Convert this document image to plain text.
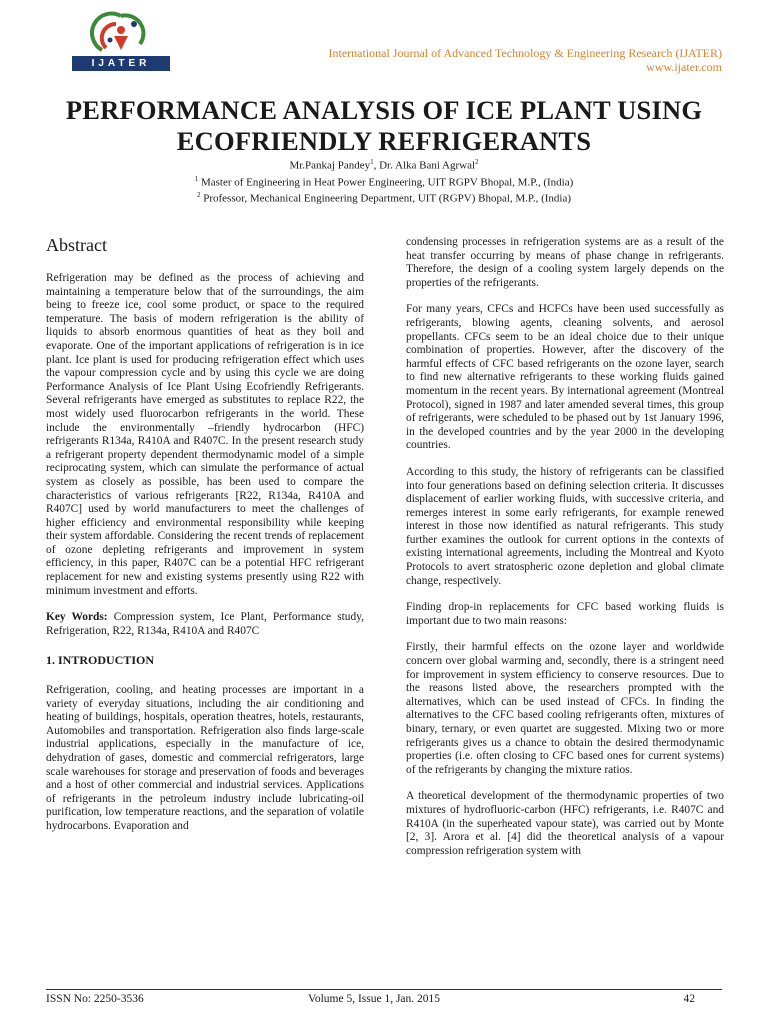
IJATER
International Journal of Advanced Technology & Engineering Research (IJATER)
www.ijater.com
PERFORMANCE ANALYSIS OF ICE PLANT USING
ECOFRIENDLY REFRIGERANTS
Mr.Pankaj Pandey$^1$, Dr. Alka Bani Agrwal$^2$
$^1$ Master of Engineering in Heat Power Engineering, UIT RGPV Bhopal, M.P., (India)
$^2$ Professor, Mechanical Engineering Department, UIT (RGPV) Bhopal, M.P., (India)
Abstract

Refrigeration may be defined as the process of achieving and maintaining a temperature below that of the surroundings, the aim being to freeze ice, cool some product, or space to the required temperature. The basis of modern refrigeration is the ability of liquids to absorb enormous quantities of heat as they boil and evaporate. One of the important applications of refrigeration is in ice plant. Ice plant is used for producing refrigeration effect which uses the vapour compression cycle and by using this cycle we are doing Performance Analysis of Ice Plant Using Ecofriendly Refrigerants. Several refrigerants have emerged as substitutes to replace R22, the most widely used fluorocarbon refrigerants in the world. These include the environmentally –friendly hydrocarbon (HFC) refrigerants R134a, R410A and R407C. In the present research study a refrigerant property dependent thermodynamic model of a simple reciprocating system, which can simulate the performance of actual system as closely as possible, has been used to compare the characteristics of various refrigerants [R22, R134a, R410A and R407C] used by world manufacturers to meet the challenges of higher efficiency and environmental responsibility while keeping their system affordable. Considering the recent trends of replacement of ozone depleting refrigerants and improvement in system efficiency, in this paper, R407C can be a potential HFC refrigerant replacement for new and existing systems presently using R22 with minimum investment and efforts.

Key Words: Compression system, Ice Plant, Performance study, Refrigeration, R22, R134a, R410A and R407C

1. INTRODUCTION

Refrigeration, cooling, and heating processes are important in a variety of everyday situations, including the air conditioning and heating of buildings, hospitals, operation theatres, hotels, restaurants, Automobiles and transportation. Refrigeration also finds large-scale industrial applications, especially in the manufacture of ice, dehydration of gases, domestic and commercial refrigerators, large scale warehouses for storage and preservation of foods and beverages and a host of other commercial and industrial services. Applications of refrigerants in the petroleum industry include lubricating-oil purification, low temperature reactions, and the separation of volatile hydrocarbons. Evaporation and

condensing processes in refrigeration systems are as a result of the heat transfer occurring by means of phase change in refrigerants. Therefore, the design of a cooling system largely depends on the properties of the refrigerants.

For many years, CFCs and HCFCs have been used successfully as refrigerants, blowing agents, cleaning solvents, and aerosol propellants. CFCs seem to be an ideal choice due to their unique combination of properties. However, after the discovery of the harmful effects of CFC based refrigerants on the ozone layer, search to find new alternative refrigerants to these working fluids gained momentum in the recent years. By international agreement (Montreal Protocol), signed in 1987 and later amended several times, this group of refrigerants, were scheduled to be phased out by 1st January 1996, in the developed countries and by the year 2000 in the developing countries.

According to this study, the history of refrigerants can be classified into four generations based on defining selection criteria. It discusses displacement of earlier working fluids, with successive criteria, and remerges interest in some early refrigerants, for example renewed interest in those now identified as natural refrigerants. This study further examines the outlook for current options in the contexts of existing international agreements, including the Montreal and Kyoto Protocols to avert stratospheric ozone depletion and global climate change, respectively.

Finding drop-in replacements for CFC based working fluids is important due to two main reasons:

Firstly, their harmful effects on the ozone layer and worldwide concern over global warming and, secondly, there is a stringent need for improvement in system efficiency to conserve resources. Due to the reasons listed above, the researchers prompted with the alternatives, which can be used instead of CFCs. In finding the alternatives to the CFC based cooling refrigerants often, mixtures of binary, ternary, or even quartet are suggested. Mixing two or more refrigerants gives us a chance to obtain the desired thermodynamic properties (i.e. often closing to CFC based ones for current systems) of the refrigerants by changing the mixture ratios.

A theoretical development of the thermodynamic properties of two mixtures of hydrofluoric-carbon (HFC) refrigerants, i.e. R407C and R410A (in the superheated vapour state), was carried out by Monte [2, 3]. Arora et al. [4] did the theoretical analysis of a vapour compression refrigeration system with

ISSN No: 2250-3536	Volume 5, Issue 1, Jan. 2015	42
